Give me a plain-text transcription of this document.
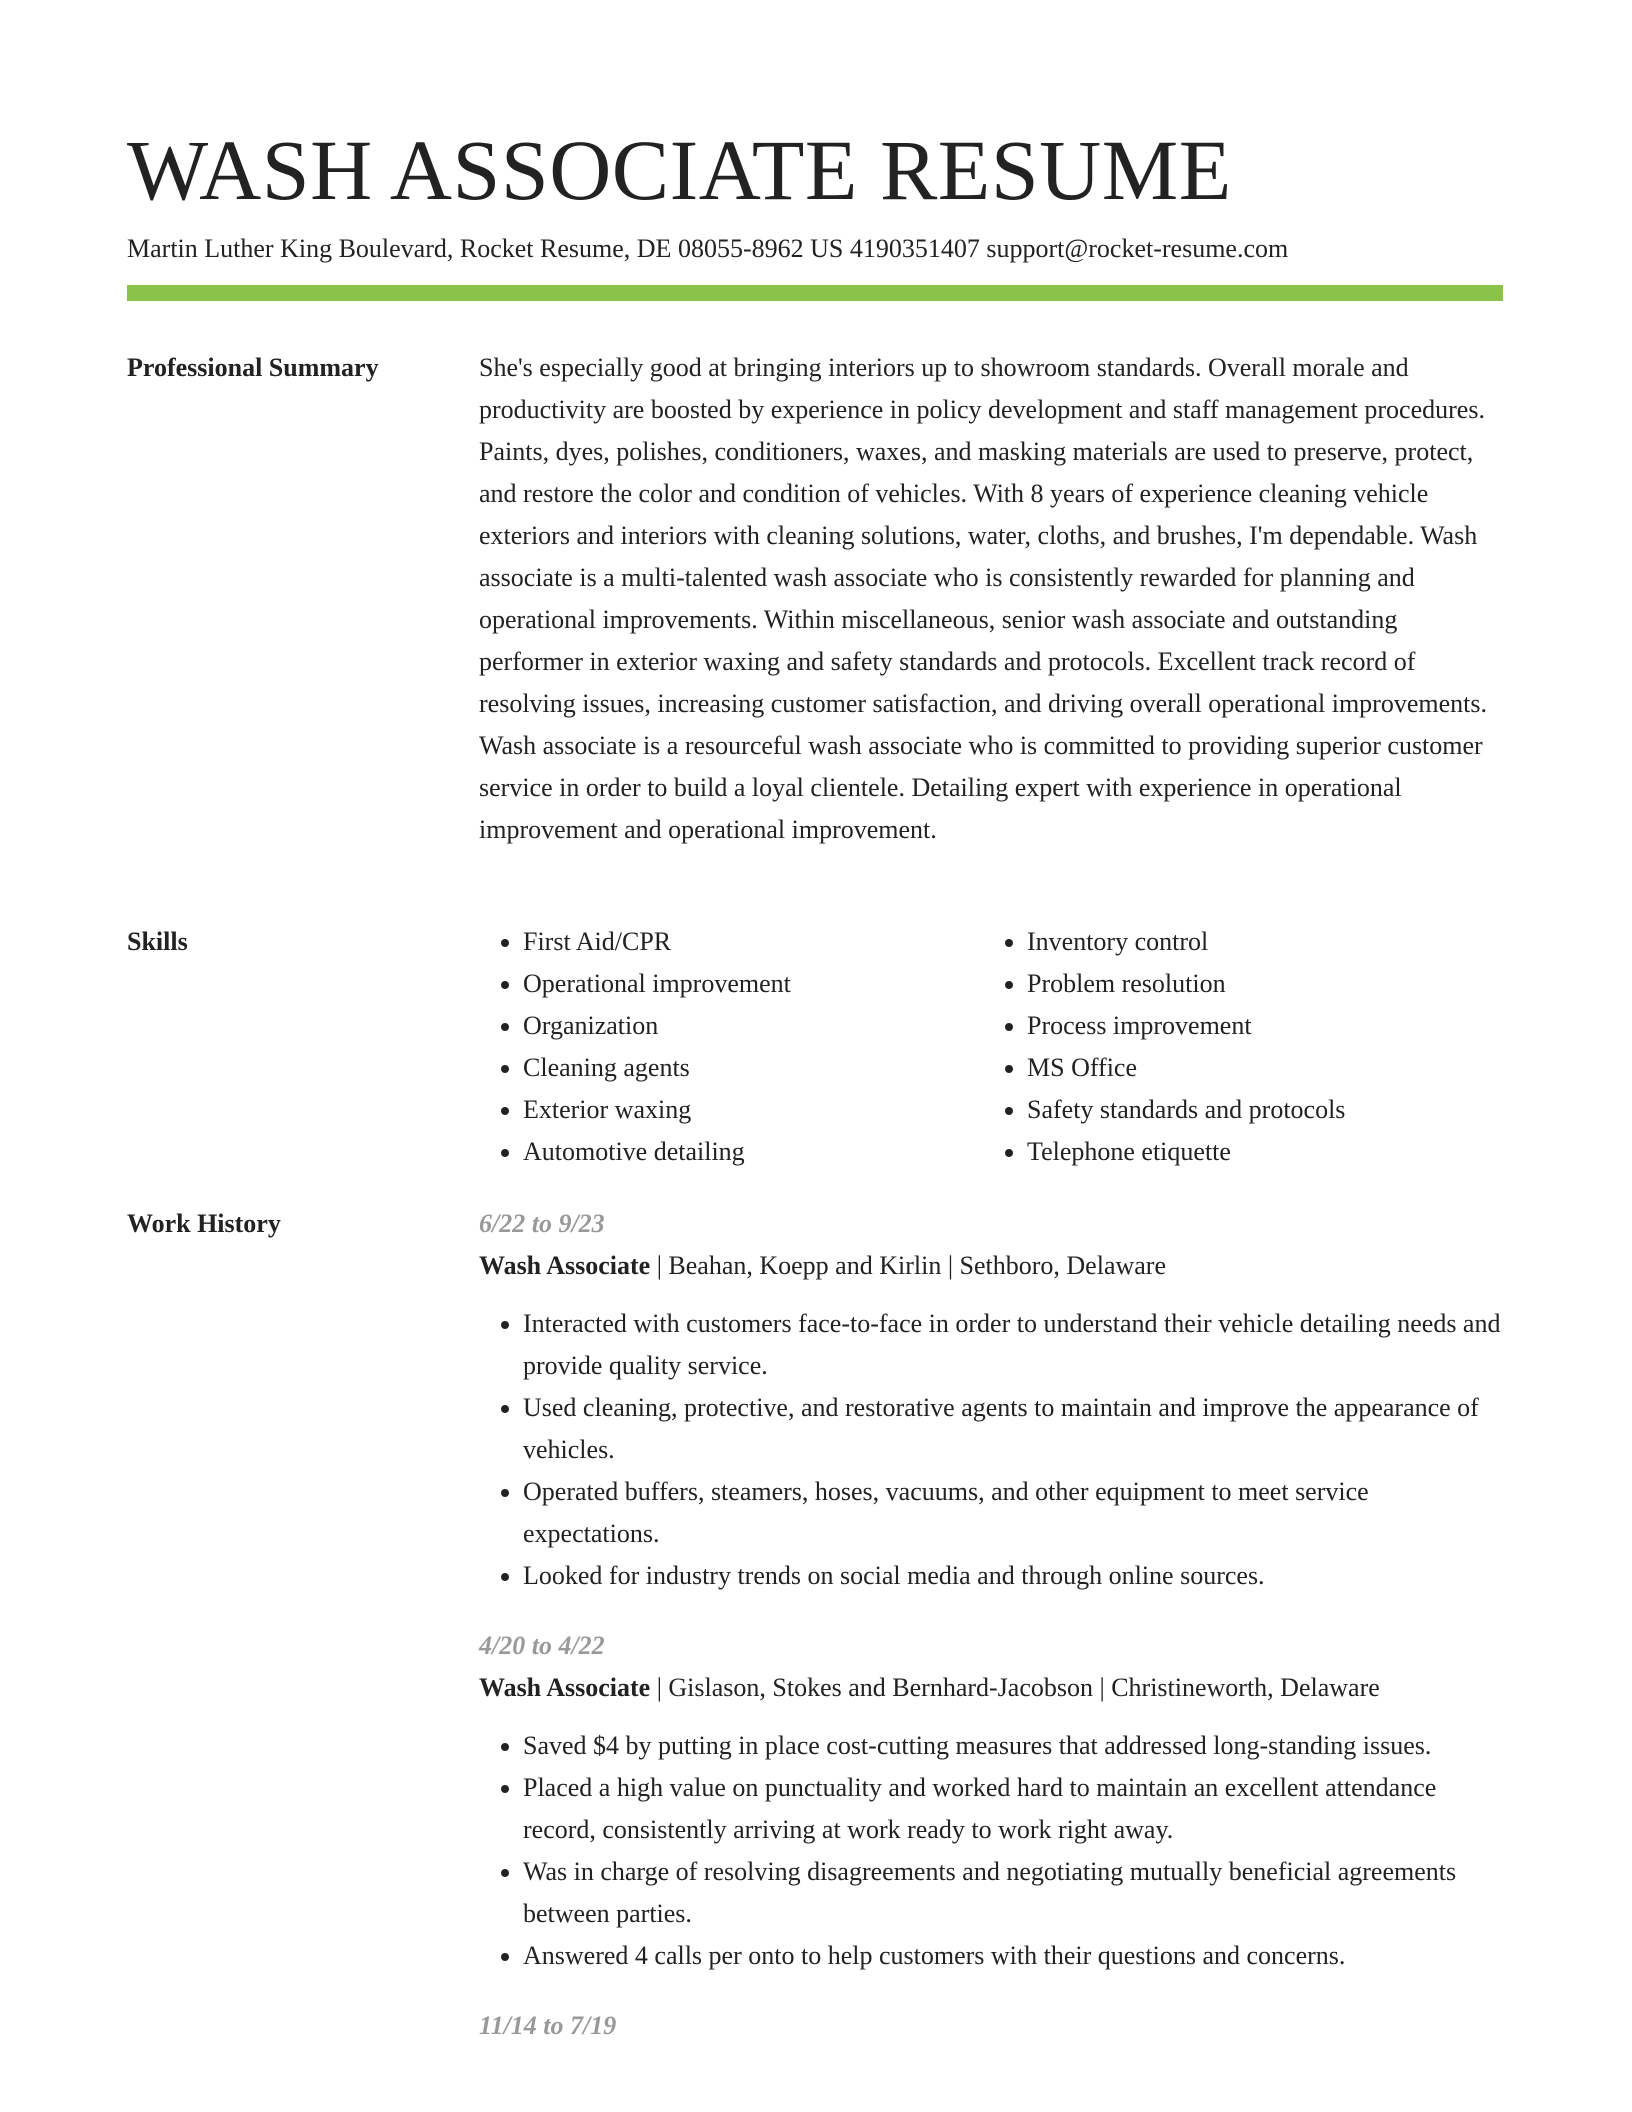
WASH ASSOCIATE RESUME
Martin Luther King Boulevard, Rocket Resume, DE 08055-8962 US 4190351407 support@rocket-resume.com
Professional Summary	She's especially good at bringing interiors up to showroom standards. Overall morale and productivity are boosted by experience in policy development and staff management procedures. Paints, dyes, polishes, conditioners, waxes, and masking materials are used to preserve, protect, and restore the color and condition of vehicles. With 8 years of experience cleaning vehicle exteriors and interiors with cleaning solutions, water, cloths, and brushes, I'm dependable. Wash associate is a multi-talented wash associate who is consistently rewarded for planning and operational improvements. Within miscellaneous, senior wash associate and outstanding performer in exterior waxing and safety standards and protocols. Excellent track record of resolving issues, increasing customer satisfaction, and driving overall operational improvements. Wash associate is a resourceful wash associate who is committed to providing superior customer service in order to build a loyal clientele. Detailing expert with experience in operational improvement and operational improvement.

Skills
•	First Aid/CPR
• Operational improvement
• Organization
• Cleaning agents
• Exterior waxing
• Automotive detailing
• Inventory control
• Problem resolution
• Process improvement
• MS Office
• Safety standards and protocols
• Telephone etiquette
Work History	6/22 to 9/23
Wash Associate | Beahan, Koepp and Kirlin | Sethboro, Delaware
• Interacted with customers face-to-face in order to understand their vehicle detailing needs and provide quality service.
• Used cleaning, protective, and restorative agents to maintain and improve the appearance of vehicles.
• Operated buffers, steamers, hoses, vacuums, and other equipment to meet service expectations.
• Looked for industry trends on social media and through online sources.
4/20 to 4/22
Wash Associate | Gislason, Stokes and Bernhard-Jacobson | Christineworth, Delaware
• Saved $4 by putting in place cost-cutting measures that addressed long-standing issues.
• Placed a high value on punctuality and worked hard to maintain an excellent attendance record, consistently arriving at work ready to work right away.
• Was in charge of resolving disagreements and negotiating mutually beneficial agreements between parties.
• Answered 4 calls per onto to help customers with their questions and concerns.
11/14 to 7/19
